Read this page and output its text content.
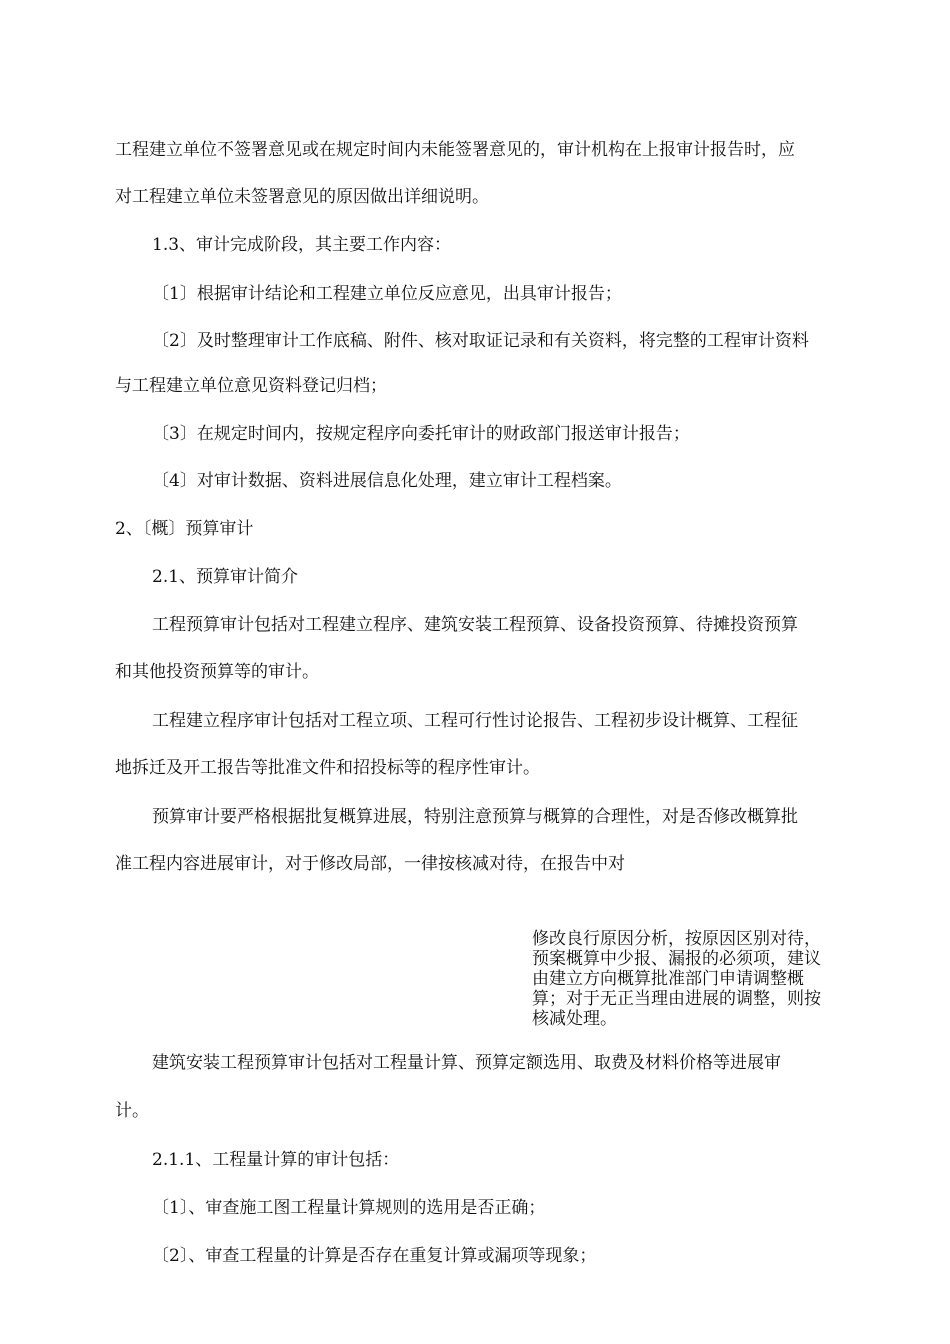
工程建立单位不签署意见或在规定时间内未能签署意见的，审计机构在上报审计报告时，应

对工程建立单位未签署意见的原因做出详细说明。

1.3、审计完成阶段，其主要工作内容：

〔1〕根据审计结论和工程建立单位反应意见，出具审计报告；

〔2〕及时整理审计工作底稿、附件、核对取证记录和有关资料，将完整的工程审计资料

与工程建立单位意见资料登记归档；

〔3〕在规定时间内，按规定程序向委托审计的财政部门报送审计报告；

〔4〕对审计数据、资料进展信息化处理，建立审计工程档案。

2、〔概〕预算审计

2.1、预算审计简介

工程预算审计包括对工程建立程序、建筑安装工程预算、设备投资预算、待摊投资预算

和其他投资预算等的审计。

工程建立程序审计包括对工程立项、工程可行性讨论报告、工程初步设计概算、工程征

地拆迁及开工报告等批准文件和招投标等的程序性审计。

预算审计要严格根据批复概算进展，特别注意预算与概算的合理性，对是否修改概算批

准工程内容进展审计，对于修改局部，一律按核减对待，在报告中对

修改良行原因分析，按原因区别对待，
预案概算中少报、漏报的必须项，建议
由建立方向概算批准部门申请调整概
算；对于无正当理由进展的调整，则按
核减处理。

建筑安装工程预算审计包括对工程量计算、预算定额选用、取费及材料价格等进展审

计。

2.1.1、工程量计算的审计包括：

〔1〕、审查施工图工程量计算规则的选用是否正确；

〔2〕、审查工程量的计算是否存在重复计算或漏项等现象；
